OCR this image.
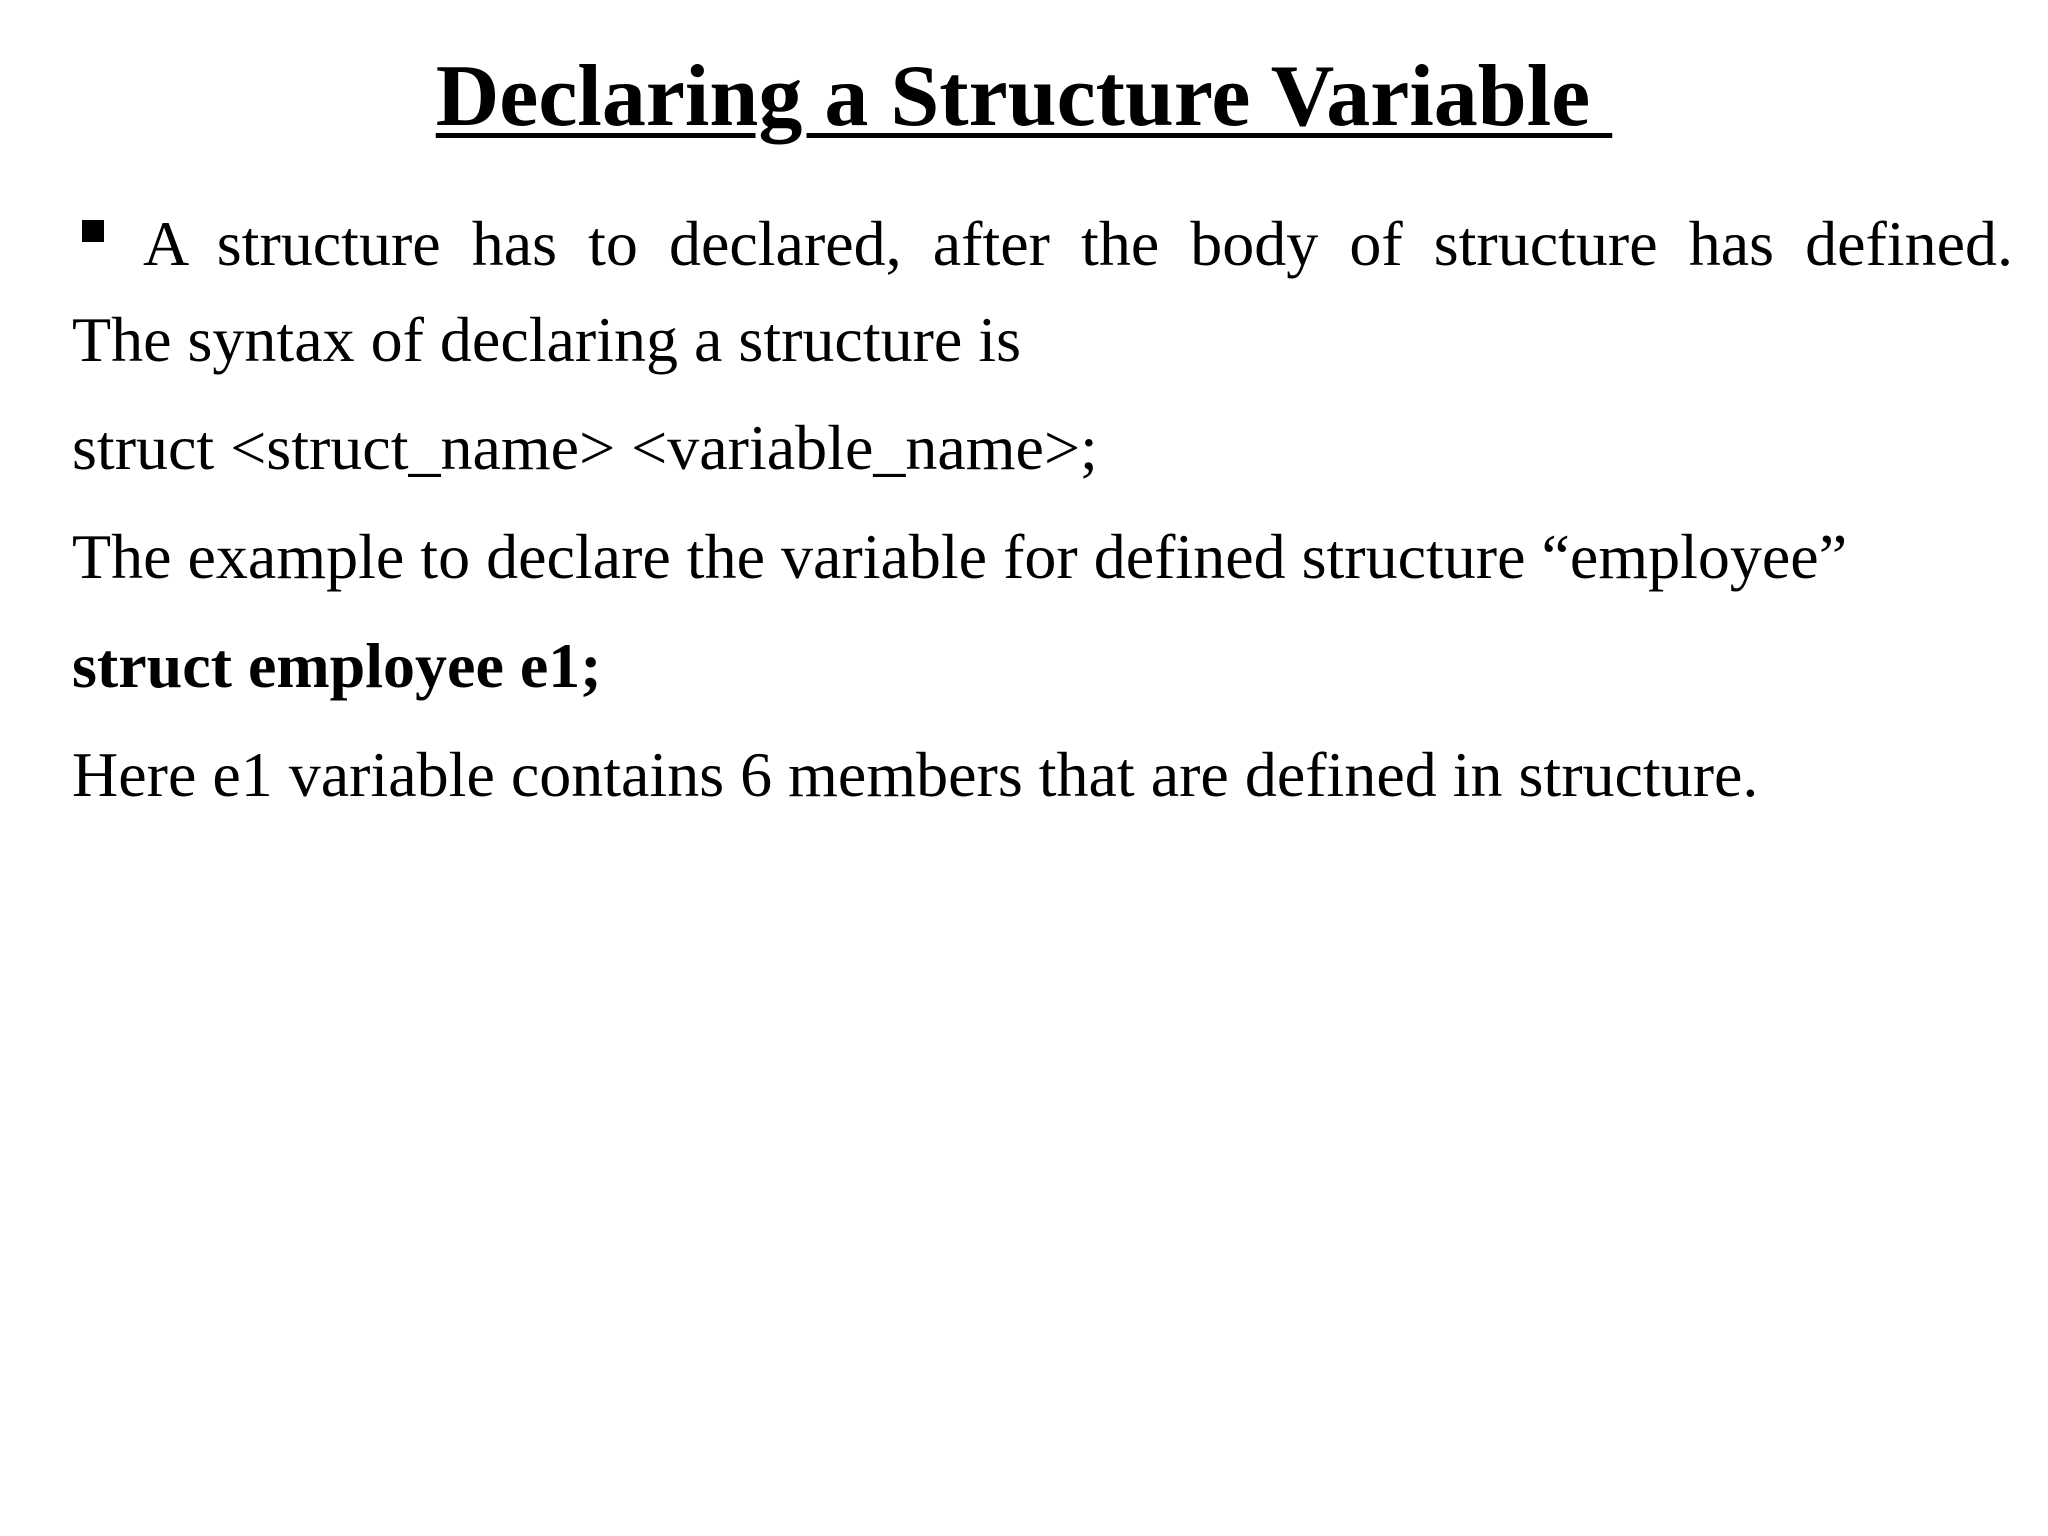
Declaring a Structure Variable

A structure has to declared, after the body of structure has defined.

The syntax of declaring a structure is

struct <struct_name> <variable_name>;

The example to declare the variable for defined structure “employee”

struct employee e1;

Here e1 variable contains 6 members that are defined in structure.
